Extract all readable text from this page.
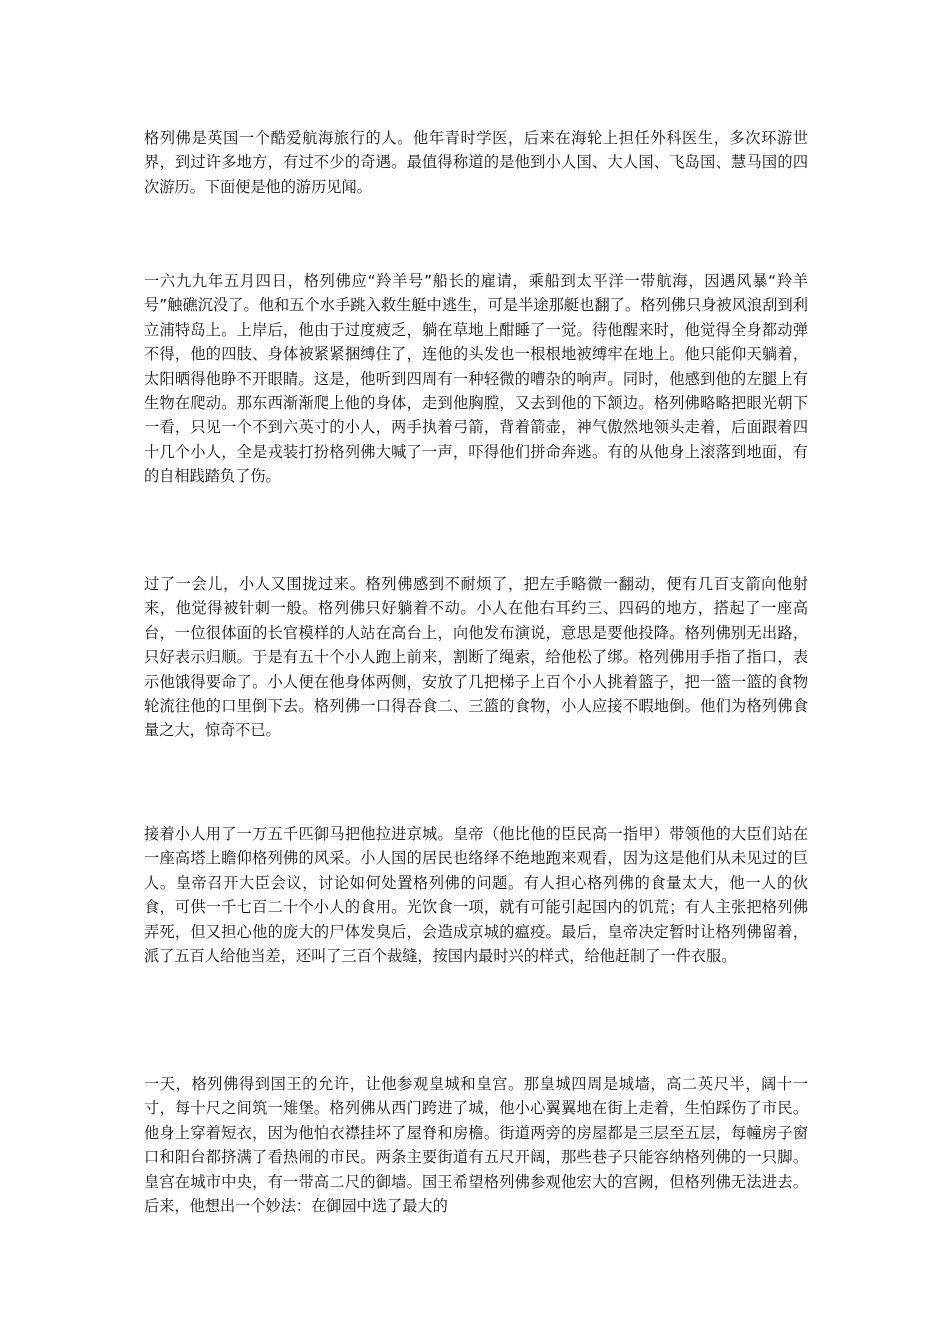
格列佛是英国一个酷爱航海旅行的人。他年青时学医，后来在海轮上担任外科医生，多次环游世界，到过许多地方，有过不少的奇遇。最值得称道的是他到小人国、大人国、飞岛国、慧马国的四次游历。下面便是他的游历见闻。

一六九九年五月四日，格列佛应“羚羊号”船长的雇请，乘船到太平洋一带航海，因遇风暴“羚羊号”触礁沉没了。他和五个水手跳入救生艇中逃生，可是半途那艇也翻了。格列佛只身被风浪刮到利立浦特岛上。上岸后，他由于过度疲乏，躺在草地上酣睡了一觉。待他醒来时，他觉得全身都动弹不得，他的四肢、身体被紧紧捆缚住了，连他的头发也一根根地被缚牢在地上。他只能仰天躺着，太阳晒得他睁不开眼睛。这是，他听到四周有一种轻微的嘈杂的响声。同时，他感到他的左腿上有生物在爬动。那东西渐渐爬上他的身体，走到他胸膛，又去到他的下颔边。格列佛略略把眼光朝下一看，只见一个不到六英寸的小人，两手执着弓箭，背着箭壶，神气傲然地领头走着，后面跟着四十几个小人，全是戎装打扮格列佛大喊了一声，吓得他们拼命奔逃。有的从他身上滚落到地面，有的自相践踏负了伤。

过了一会儿，小人又围拢过来。格列佛感到不耐烦了，把左手略微一翻动，便有几百支箭向他射来，他觉得被针刺一般。格列佛只好躺着不动。小人在他右耳约三、四码的地方，搭起了一座高台，一位很体面的长官模样的人站在高台上，向他发布演说，意思是要他投降。格列佛别无出路，只好表示归顺。于是有五十个小人跑上前来，割断了绳索，给他松了绑。格列佛用手指了指口，表示他饿得要命了。小人便在他身体两侧，安放了几把梯子上百个小人挑着篮子，把一篮一篮的食物轮流往他的口里倒下去。格列佛一口得吞食二、三篮的食物，小人应接不暇地倒。他们为格列佛食量之大，惊奇不已。

接着小人用了一万五千匹御马把他拉进京城。皇帝（他比他的臣民高一指甲）带领他的大臣们站在一座高塔上瞻仰格列佛的风采。小人国的居民也络绎不绝地跑来观看，因为这是他们从未见过的巨人。皇帝召开大臣会议，讨论如何处置格列佛的问题。有人担心格列佛的食量太大，他一人的伙食，可供一千七百二十个小人的食用。光饮食一项，就有可能引起国内的饥荒；有人主张把格列佛弄死，但又担心他的庞大的尸体发臭后，会造成京城的瘟疫。最后，皇帝决定暂时让格列佛留着，派了五百人给他当差，还叫了三百个裁缝，按国内最时兴的样式，给他赶制了一件衣服。

一天，格列佛得到国王的允许，让他参观皇城和皇宫。那皇城四周是城墙，高二英尺半，阔十一寸，每十尺之间筑一雉堡。格列佛从西门跨进了城，他小心翼翼地在街上走着，生怕踩伤了市民。他身上穿着短衣，因为他怕衣襟挂坏了屋脊和房檐。街道两旁的房屋都是三层至五层，每幢房子窗口和阳台都挤满了看热闹的市民。两条主要街道有五尺开阔，那些巷子只能容纳格列佛的一只脚。皇宫在城市中央，有一带高二尺的御墙。国王希望格列佛参观他宏大的宫阙，但格列佛无法进去。后来，他想出一个妙法：在御园中选了最大的
